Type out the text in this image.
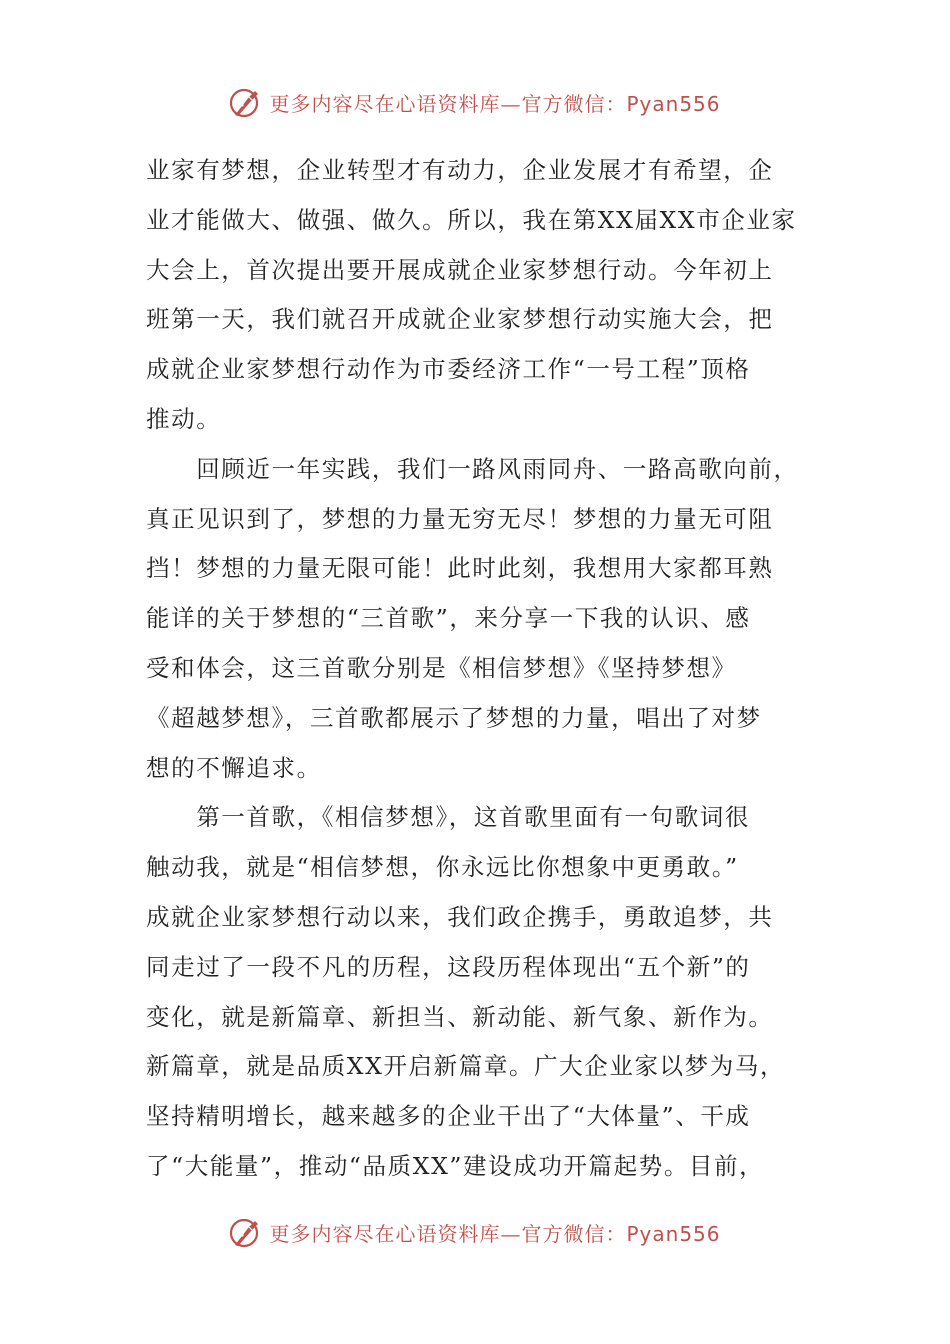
更多内容尽在心语资料库—官方微信：Pyan556
业家有梦想，企业转型才有动力，企业发展才有希望，企
业才能做大、做强、做久。所以，我在第XX届XX市企业家
大会上，首次提出要开展成就企业家梦想行动。今年初上
班第一天，我们就召开成就企业家梦想行动实施大会，把
成就企业家梦想行动作为市委经济工作“一号工程”顶格
推动。
　　回顾近一年实践，我们一路风雨同舟、一路高歌向前，
真正见识到了，梦想的力量无穷无尽！梦想的力量无可阻
挡！梦想的力量无限可能！此时此刻，我想用大家都耳熟
能详的关于梦想的“三首歌”，来分享一下我的认识、感
受和体会，这三首歌分别是《相信梦想》《坚持梦想》
《超越梦想》，三首歌都展示了梦想的力量，唱出了对梦
想的不懈追求。
　　第一首歌，《相信梦想》，这首歌里面有一句歌词很
触动我，就是“相信梦想，你永远比你想象中更勇敢。”
成就企业家梦想行动以来，我们政企携手，勇敢追梦，共
同走过了一段不凡的历程，这段历程体现出“五个新”的
变化，就是新篇章、新担当、新动能、新气象、新作为。
新篇章，就是品质XX开启新篇章。广大企业家以梦为马，
坚持精明增长，越来越多的企业干出了“大体量”、干成
了“大能量”，推动“品质XX”建设成功开篇起势。目前，
更多内容尽在心语资料库—官方微信：Pyan556
